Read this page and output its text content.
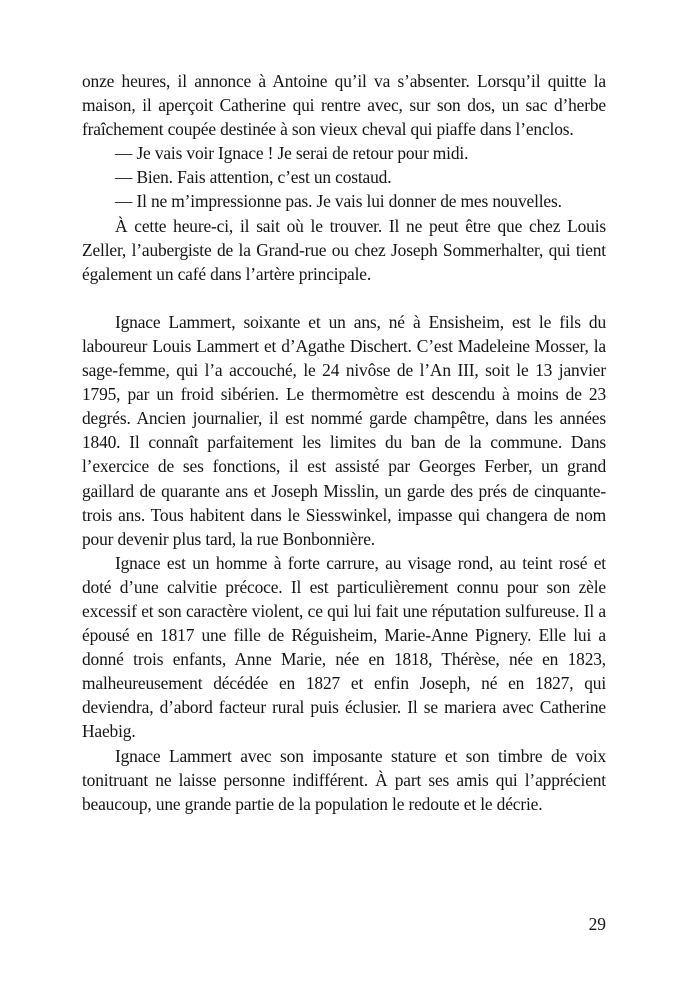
onze heures, il annonce à Antoine qu’il va s’absenter. Lorsqu’il quitte la maison, il aperçoit Catherine qui rentre avec, sur son dos, un sac d’herbe fraîchement coupée destinée à son vieux cheval qui piaffe dans l’enclos.

— Je vais voir Ignace ! Je serai de retour pour midi.

— Bien. Fais attention, c’est un costaud.

— Il ne m’impressionne pas. Je vais lui donner de mes nouvelles.

À cette heure-ci, il sait où le trouver. Il ne peut être que chez Louis Zeller, l’aubergiste de la Grand-rue ou chez Joseph Sommerhalter, qui tient également un café dans l’artère principale.

Ignace Lammert, soixante et un ans, né à Ensisheim, est le fils du laboureur Louis Lammert et d’Agathe Dischert. C’est Madeleine Mosser, la sage-femme, qui l’a accouché, le 24 nivôse de l’An III, soit le 13 janvier 1795, par un froid sibérien. Le thermomètre est descendu à moins de 23 degrés. Ancien journalier, il est nommé garde champêtre, dans les années 1840. Il connaît parfaitement les limites du ban de la commune. Dans l’exercice de ses fonctions, il est assisté par Georges Ferber, un grand gaillard de quarante ans et Joseph Misslin, un garde des prés de cinquante-trois ans. Tous habitent dans le Siesswinkel, impasse qui changera de nom pour devenir plus tard, la rue Bonbonnière.

Ignace est un homme à forte carrure, au visage rond, au teint rosé et doté d’une calvitie précoce. Il est particulièrement connu pour son zèle excessif et son caractère violent, ce qui lui fait une réputation sulfureuse. Il a épousé en 1817 une fille de Réguisheim, Marie-Anne Pignery. Elle lui a donné trois enfants, Anne Marie, née en 1818, Thérèse, née en 1823, malheureusement décédée en 1827 et enfin Joseph, né en 1827, qui deviendra, d’abord facteur rural puis éclusier. Il se mariera avec Catherine Haebig.

Ignace Lammert avec son imposante stature et son timbre de voix tonitruant ne laisse personne indifférent. À part ses amis qui l’apprécient beaucoup, une grande partie de la population le redoute et le décrie.

29
